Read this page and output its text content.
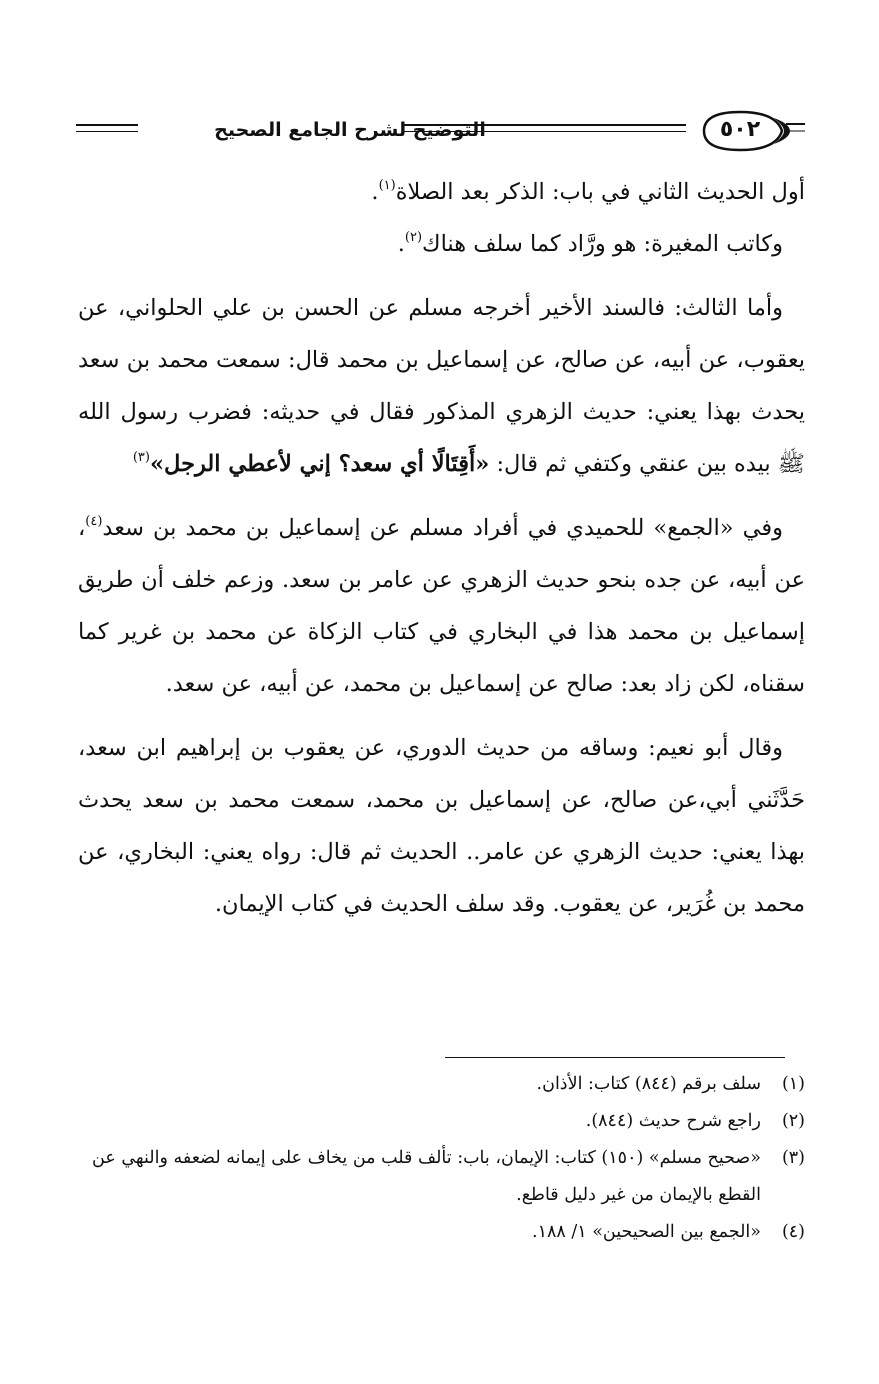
التوضيح لشرح الجامع الصحيح	٥٠٢

أول الحديث الثاني في باب: الذكر بعد الصلاة$^{(١)}$.

وكاتب المغيرة: هو ورَّاد كما سلف هناك$^{(٢)}$.

وأما الثالث: فالسند الأخير أخرجه مسلم عن الحسن بن علي الحلواني، عن يعقوب، عن أبيه، عن صالح، عن إسماعيل بن محمد قال: سمعت محمد بن سعد يحدث بهذا يعني: حديث الزهري المذكور فقال في حديثه: فضرب رسول الله ﷺ بيده بين عنقي وكتفي ثم قال: «أَقِتَالًا أي سعد؟ إني لأعطي الرجل»$^{(٣)}$

وفي «الجمع» للحميدي في أفراد مسلم عن إسماعيل بن محمد بن سعد$^{(٤)}$، عن أبيه، عن جده بنحو حديث الزهري عن عامر بن سعد. وزعم خلف أن طريق إسماعيل بن محمد هذا في البخاري في كتاب الزكاة عن محمد بن غرير كما سقناه، لكن زاد بعد: صالح عن إسماعيل بن محمد، عن أبيه، عن سعد.

وقال أبو نعيم: وساقه من حديث الدوري، عن يعقوب بن إبراهيم ابن سعد، حَدَّثَني أبي،عن صالح، عن إسماعيل بن محمد، سمعت محمد بن سعد يحدث بهذا يعني: حديث الزهري عن عامر.. الحديث ثم قال: رواه يعني: البخاري، عن محمد بن غُرَير، عن يعقوب. وقد سلف الحديث في كتاب الإيمان.

(١)
سلف برقم (٨٤٤) كتاب: الأذان.
(٢)
راجع شرح حديث (٨٤٤).
(٣)
«صحيح مسلم» (١٥٠) كتاب: الإيمان، باب: تألف قلب من يخاف على إيمانه لضعفه والنهي عن القطع بالإيمان من غير دليل قاطع.
(٤)
«الجمع بين الصحيحين» ١/ ١٨٨.
